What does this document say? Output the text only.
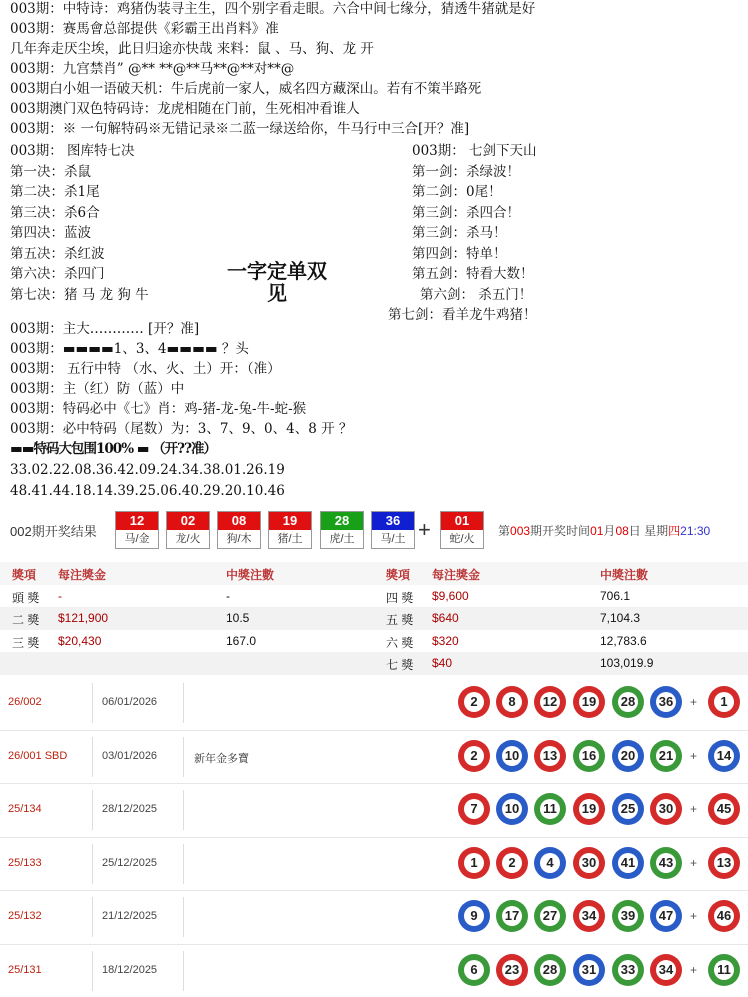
003期：中特诗：鸡猪伪装寻主生，四个别字看走眼。六合中间七缘分，猜透牛猪就是好
003期：赛馬會总部提供《彩霸王出肖料》准
几年奔走厌尘埃，此日归途亦快哉 来料：鼠 、马、狗、龙 开
003期：九宫禁肖” @** **@**马**@**对**@
003期白小姐一语破天机：牛后虎前一家人，威名四方藏深山。若有不策半路死
003期澳门双色特码诗：龙虎相随在门前，生死相冲看谁人
003期：※ 一句解特码※无错记录※二蓝一绿送给你，牛马行中三合[开？准]
003期： 图库特七决
第一决：杀鼠
第二决：杀1尾
第三决：杀6合
第四决：蓝波
第五决：杀红波
第六决：杀四门
第七决：猪 马 龙 狗 牛
003期： 七剑下天山
第一剑：杀绿波！
第二剑：0尾！
第三剑：杀四合！
第三剑：杀马！
第四剑：特单！
第五剑：特看大数！
第六剑： 杀五门！
第七剑：看羊龙牛鸡猪！
一字定单双
见
003期：主大………… [开？准]
003期：▬▬▬▬1、3、4▬▬▬▬ ？头
003期： 五行中特 （水、火、土）开：（准）
003期：主（红）防（蓝）中
003期：特码必中《七》肖：鸡-猪-龙-兔-牛-蛇-猴
003期：必中特码（尾数）为：3、7、9、0、4、8 开 ？
▬▬特码大包围100% ▬ （开??准）
33.02.22.08.36.42.09.24.34.38.01.26.19
48.41.44.18.14.39.25.06.40.29.20.10.46
002期开奖结果
12
马/金
02
龙/火
08
狗/木
19
猪/土
28
虎/土
36
马/土 +	01
蛇/火
第003期开奖时间01月08日 星期四21:30
獎項 每注獎金	中獎注數	獎項 每注獎金	中獎注數
頭 獎 -	-	四 獎 $9,600	706.1
二 獎 $121,900	10.5	五 獎 $640	7,104.3
三 獎 $20,430	167.0	六 獎 $320	12,783.6
七 獎 $40	103,019.9
26/002	06/01/2026	2	8	12 19 28 36 +	1
26/001 SBD	03/01/2026	新年金多寶	2	10 13 16 20 21 + 14
25/134	28/12/2025	7	10 11 19 25 30 + 45
25/133	25/12/2025	1	2	4	30 41 43 + 13
25/132	21/12/2025	9	17 27 34 39 47 + 46
25/131	18/12/2025	6	23 28 31 33 34 + 11
